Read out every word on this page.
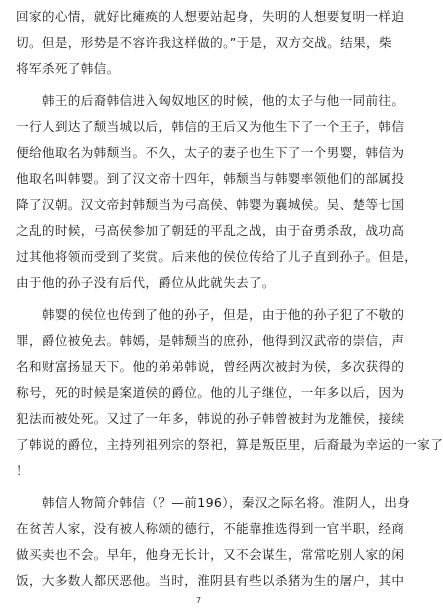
回家的心情，就好比瘫痪的人想要站起身，失明的人想要复明一样迫
切。但是，形势是不容许我这样做的。”于是，双方交战。结果，柴
将军杀死了韩信。
　　韩王的后裔韩信进入匈奴地区的时候，他的太子与他一同前往。
一行人到达了颓当城以后，韩信的王后又为他生下了一个王子，韩信
便给他取名为韩颓当。不久，太子的妻子也生下了一个男婴，韩信为
他取名叫韩婴。到了汉文帝十四年，韩颓当与韩婴率领他们的部属投
降了汉朝。汉文帝封韩颓当为弓高侯、韩婴为襄城侯。吴、楚等七国
之乱的时候，弓高侯参加了朝廷的平乱之战，由于奋勇杀敌，战功高
过其他将领而受到了奖赏。后来他的侯位传给了儿子直到孙子。但是，
由于他的孙子没有后代，爵位从此就失去了。
　　韩婴的侯位也传到了他的孙子，但是，由于他的孙子犯了不敬的
罪，爵位被免去。韩嫣，是韩颓当的庶孙，他得到汉武帝的崇信，声
名和财富扬显天下。他的弟弟韩说，曾经两次被封为侯，多次获得的
称号，死的时候是案道侯的爵位。他的儿子继位，一年多以后，因为
犯法而被处死。又过了一年多，韩说的孙子韩曾被封为龙雒侯，接续
了韩说的爵位，主持列祖列宗的祭祀，算是叛臣里，后裔最为幸运的一家了
！
　　韩信人物简介韩信（？—前196），秦汉之际名将。淮阴人，出身
在贫苦人家，没有被人称颂的德行，不能靠推选得到一官半职，经商
做买卖也不会。早年，他身无长计，又不会谋生，常常吃别人家的闲
饭，大多数人都厌恶他。当时，淮阴县有些以杀猪为生的屠户，其中
7
